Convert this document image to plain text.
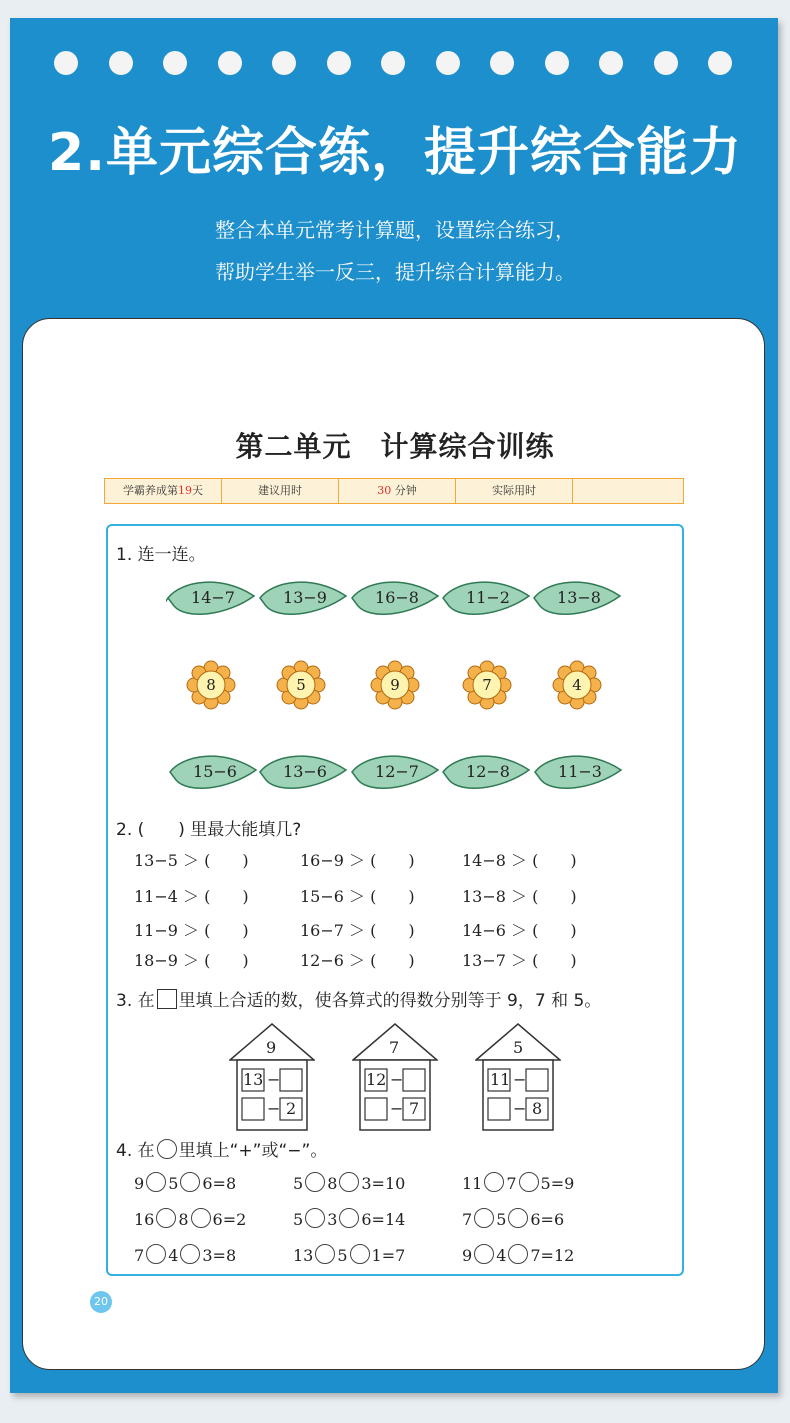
2.单元综合练，提升综合能力
整合本单元常考计算题，设置综合练习，
帮助学生举一反三，提升综合计算能力。
第二单元　计算综合训练
学霸养成第19天	建议用时	30 分钟	实际用时
1. 连一连。
14−7	13−9	16−8	11−2	13−8
8	5	9	7	4
15−6	13−6	12−7	12−8	11−3
2. (　　) 里最大能填几?
13−5 ＞ (　　)	16−9 ＞ (　　)	14−8 ＞ (　　)
11−4 ＞ (　　)	15−6 ＞ (　　)	13−8 ＞ (　　)
11−9 ＞ (　　)	16−7 ＞ (　　)	14−6 ＞ (　　)
18−9 ＞ (　　)	12−6 ＞ (　　)	13−7 ＞ (　　)
3. 在 里填上合适的数，使各算式的得数分别等于 9，7 和 5。
9
13 −
− 2
7
12 −
− 7
5
11 −
− 8
4. 在 里填上“+”或“−”。
9 5 6=8	5 8 3=10	11 7 5=9
16 8 6=2	5 3 6=14	7 5 6=6
7 4 3=8	13 5 1=7	9 4 7=12
20
